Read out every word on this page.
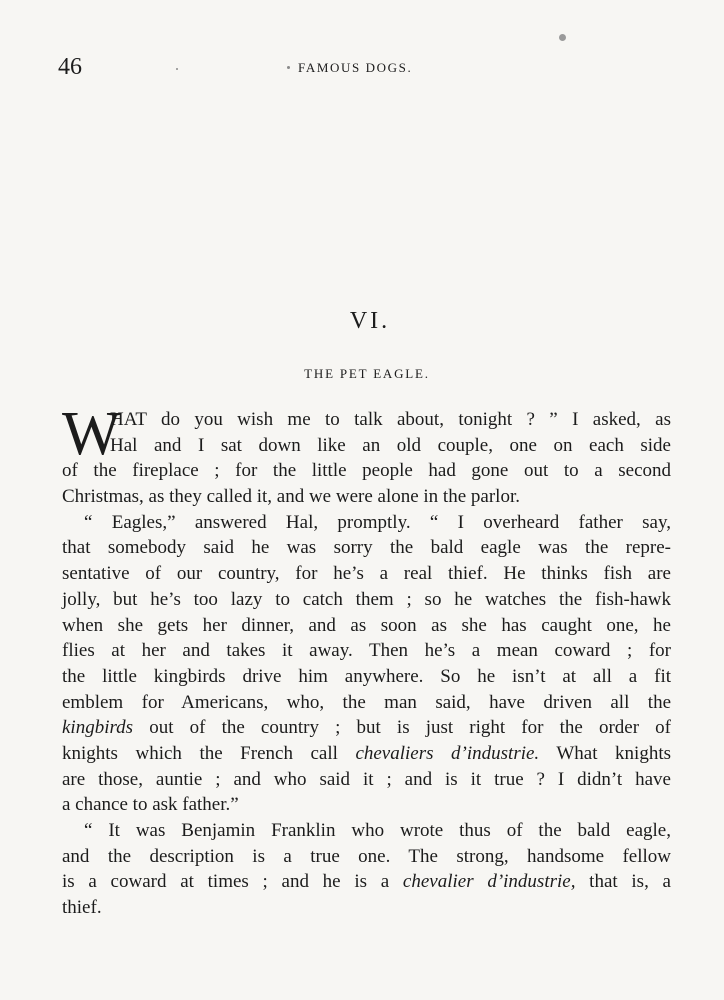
46	FAMOUS DOGS.
VI.
THE PET EAGLE.
W
HAT do you wish me to talk about, tonight ? ” I asked, as
Hal and I sat down like an old couple, one on each side
of the fireplace ; for the little people had gone out to a second
Christmas, as they called it, and we were alone in the parlor.
“ Eagles,” answered Hal, promptly. “ I overheard father say,
that somebody said he was sorry the bald eagle was the repre-
sentative of our country, for he’s a real thief. He thinks fish are
jolly, but he’s too lazy to catch them ; so he watches the fish-hawk
when she gets her dinner, and as soon as she has caught one, he
flies at her and takes it away. Then he’s a mean coward ; for
the little kingbirds drive him anywhere. So he isn’t at all a fit
emblem for Americans, who, the man said, have driven all the
kingbirds out of the country ; but is just right for the order of
knights which the French call chevaliers d’industrie. What knights
are those, auntie ; and who said it ; and is it true ? I didn’t have
a chance to ask father.”
“ It was Benjamin Franklin who wrote thus of the bald eagle,
and the description is a true one. The strong, handsome fellow
is a coward at times ; and he is a chevalier d’industrie, that is, a
thief.
